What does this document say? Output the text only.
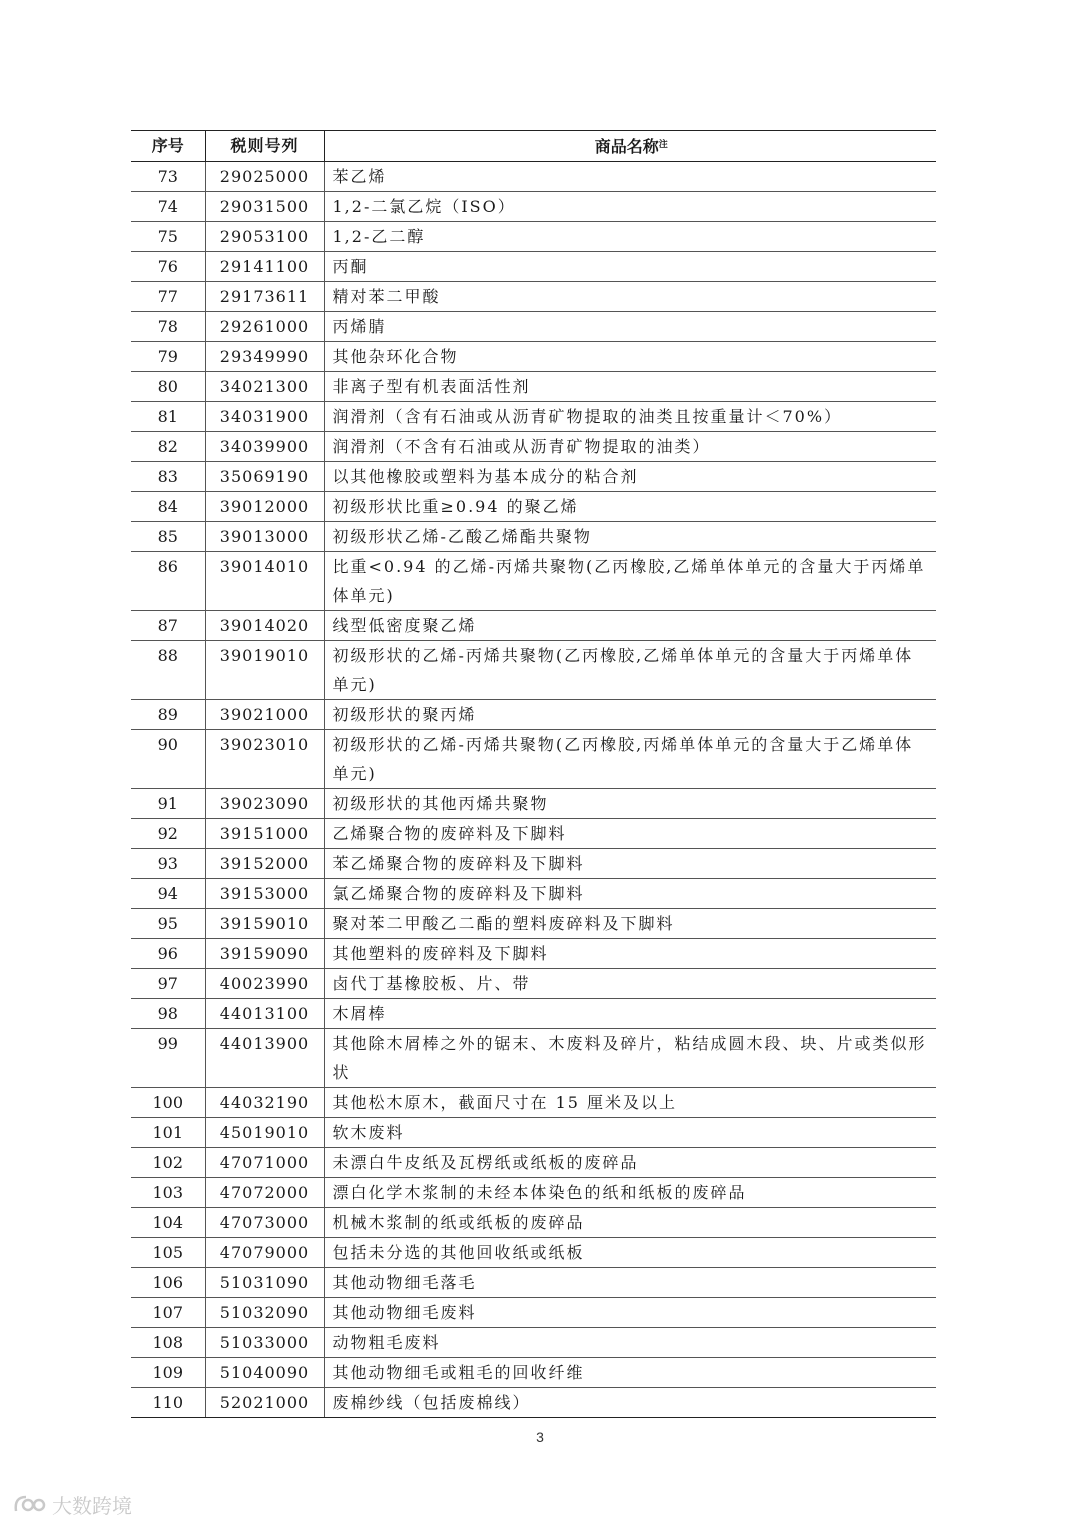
序号	税则号列	商品名称$^注$
73	29025000	苯乙烯
74	29031500	1,2-二氯乙烷（ISO）
75	29053100	1,2-乙二醇
76	29141100	丙酮
77	29173611	精对苯二甲酸
78	29261000	丙烯腈
79	29349990	其他杂环化合物
80	34021300	非离子型有机表面活性剂
81	34031900	润滑剂（含有石油或从沥青矿物提取的油类且按重量计＜70%）
82	34039900	润滑剂（不含有石油或从沥青矿物提取的油类）
83	35069190	以其他橡胶或塑料为基本成分的粘合剂
84	39012000	初级形状比重≥0.94 的聚乙烯
85	39013000	初级形状乙烯-乙酸乙烯酯共聚物
86	39014010	比重<0.94 的乙烯-丙烯共聚物(乙丙橡胶,乙烯单体单元的含量大于丙烯单体单元)
87	39014020	线型低密度聚乙烯
88	39019010	初级形状的乙烯-丙烯共聚物(乙丙橡胶,乙烯单体单元的含量大于丙烯单体单元)
89	39021000	初级形状的聚丙烯
90	39023010	初级形状的乙烯-丙烯共聚物(乙丙橡胶,丙烯单体单元的含量大于乙烯单体单元)
91	39023090	初级形状的其他丙烯共聚物
92	39151000	乙烯聚合物的废碎料及下脚料
93	39152000	苯乙烯聚合物的废碎料及下脚料
94	39153000	氯乙烯聚合物的废碎料及下脚料
95	39159010	聚对苯二甲酸乙二酯的塑料废碎料及下脚料
96	39159090	其他塑料的废碎料及下脚料
97	40023990	卤代丁基橡胶板、片、带
98	44013100	木屑棒
99	44013900	其他除木屑棒之外的锯末、木废料及碎片，粘结成圆木段、块、片或类似形状
100	44032190	其他松木原木，截面尺寸在 15 厘米及以上
101	45019010	软木废料
102	47071000	未漂白牛皮纸及瓦楞纸或纸板的废碎品
103	47072000	漂白化学木浆制的未经本体染色的纸和纸板的废碎品
104	47073000	机械木浆制的纸或纸板的废碎品
105	47079000	包括未分选的其他回收纸或纸板
106	51031090	其他动物细毛落毛
107	51032090	其他动物细毛废料
108	51033000	动物粗毛废料
109	51040090	其他动物细毛或粗毛的回收纤维
110	52021000	废棉纱线（包括废棉线）
3
大数跨境
